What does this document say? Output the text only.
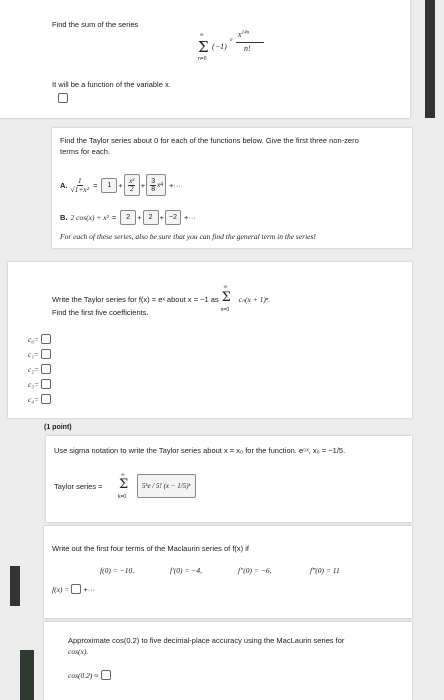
Find the sum of the series
∞
Σ
n=0
(−1)
n
$x^{14n}$
n!
It will be a function of the variable x.
Find the Taylor series about 0 for each of the functions below. Give the first three non-zero
terms for each.
A. $\frac{1}{\text{√1+x²}}$ =	$1 + \frac{\text{x²}}{2} + \frac{3}{8}$ x 4 +···
B. 2 cos(x) + x² =	2 +	2 + −2 +···
For each of these series, also be sure that you can find the general term in the series!
Write the Taylor series for f(x) = eˣ about x = −1 as
∞
Σ
n=0
cₙ(x + 1)ⁿ.
Find the first five coefficients.
c₀=
c₁=
c₂=
c₃=
c₄=
(1 point)
Use sigma notation to write the Taylor series about x = x₀ for the function. e⁵ˣ, x₀ = −1/5.
Taylor series =
∞
Σ
k=0
5ᵏe / 5! (x − 1/5)ᵏ
Write out the first four terms of the Maclaurin series of f(x) if
f(0) = −10,	f′(0) = −4,	f″(0) = −6,	f‴(0) = 11
f(x) = +···
Approximate cos(0.2) to five decimal-place accuracy using the MacLaurin series for
cos(x).
cos(0.2) ≈
